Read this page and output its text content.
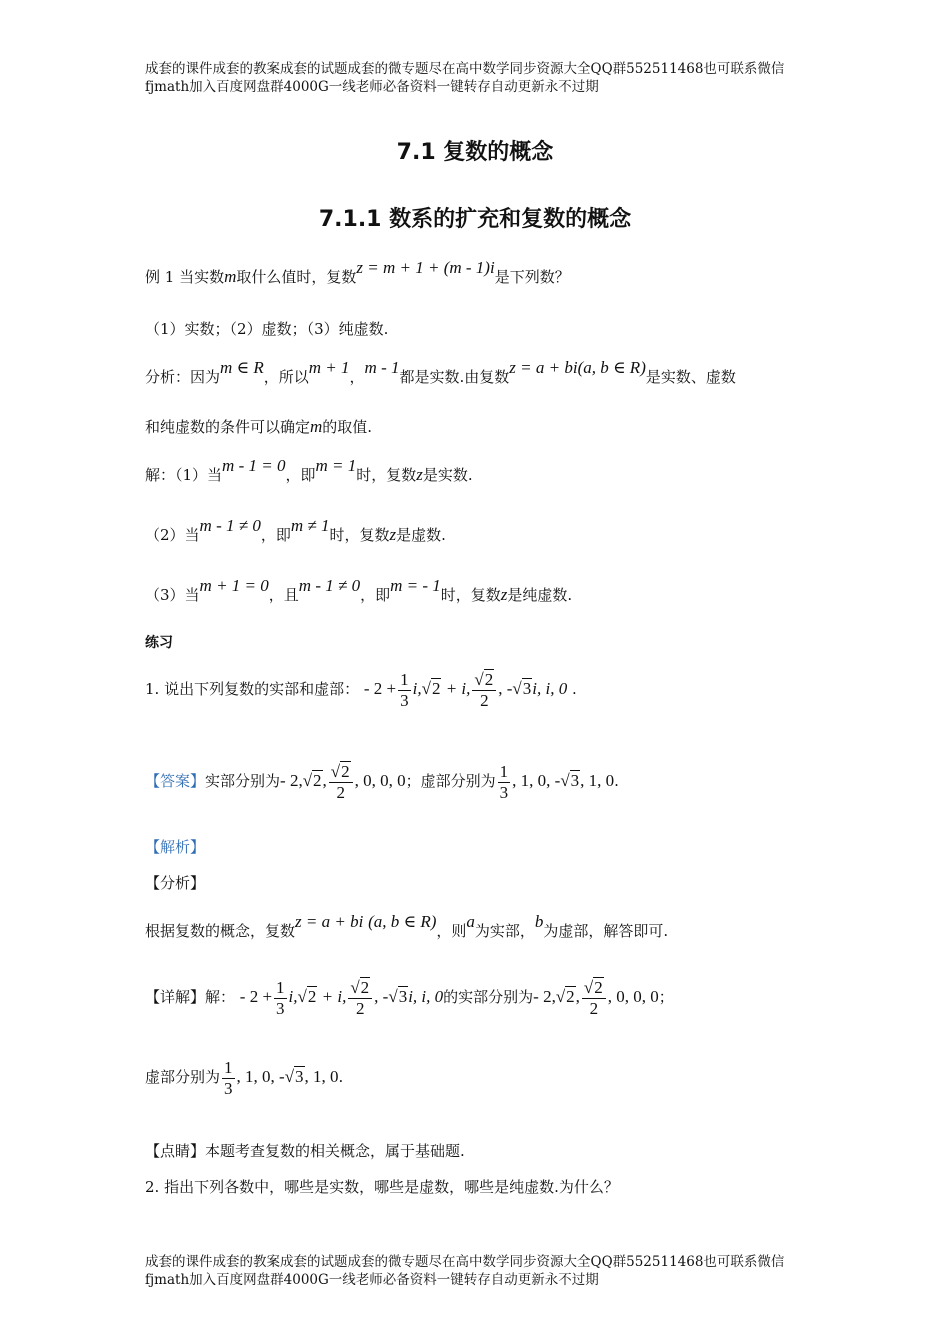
成套的课件成套的教案成套的试题成套的微专题尽在高中数学同步资源大全QQ群552511468也可联系微信fjmath加入百度网盘群4000G一线老师必备资料一键转存自动更新永不过期
7.1 复数的概念
7.1.1 数系的扩充和复数的概念
例 1 当实数m取什么值时，复数z = m + 1 + (m - 1)i是下列数？
（1）实数；（2）虚数；（3）纯虚数.
分析：因为m ∈ R，所以m + 1，m - 1都是实数.由复数z = a + bi(a, b ∈ R)是实数、虚数
和纯虚数的条件可以确定m的取值.
解：（1）当m - 1 = 0，即m = 1时，复数z是实数.
（2）当m - 1 ≠ 0，即m ≠ 1时，复数z是虚数.
（3）当m + 1 = 0，且m - 1 ≠ 0，即m = - 1时，复数z是纯虚数.
练习
1. 说出下列复数的实部和虚部： - $2 + \frac{1}{3} i,√2 + i$, $\frac{√2}{2}$ , -√3i, i, 0 .
【答案】实部分别为- 2,√2, $\frac{√2}{2}$ , 0, 0, 0；虚部分别为 $\frac{1}{3}$ , 1, 0, -√3, 1, 0.
【解析】
【分析】
根据复数的概念，复数z = a + bi (a, b ∈ R)，则a为实部，b为虚部，解答即可.
【详解】解： - $2 + \frac{1}{3} i,√2 + i$, $\frac{√2}{2}$ , -√3i, i, 0的实部分别为- 2,√2, $\frac{√2}{2}$ , 0, 0, 0；
虚部分别为 $\frac{1}{3}$ , 1, 0, -√3, 1, 0.
【点睛】本题考查复数的相关概念，属于基础题.
2. 指出下列各数中，哪些是实数，哪些是虚数，哪些是纯虚数.为什么？
成套的课件成套的教案成套的试题成套的微专题尽在高中数学同步资源大全QQ群552511468也可联系微信fjmath加入百度网盘群4000G一线老师必备资料一键转存自动更新永不过期
